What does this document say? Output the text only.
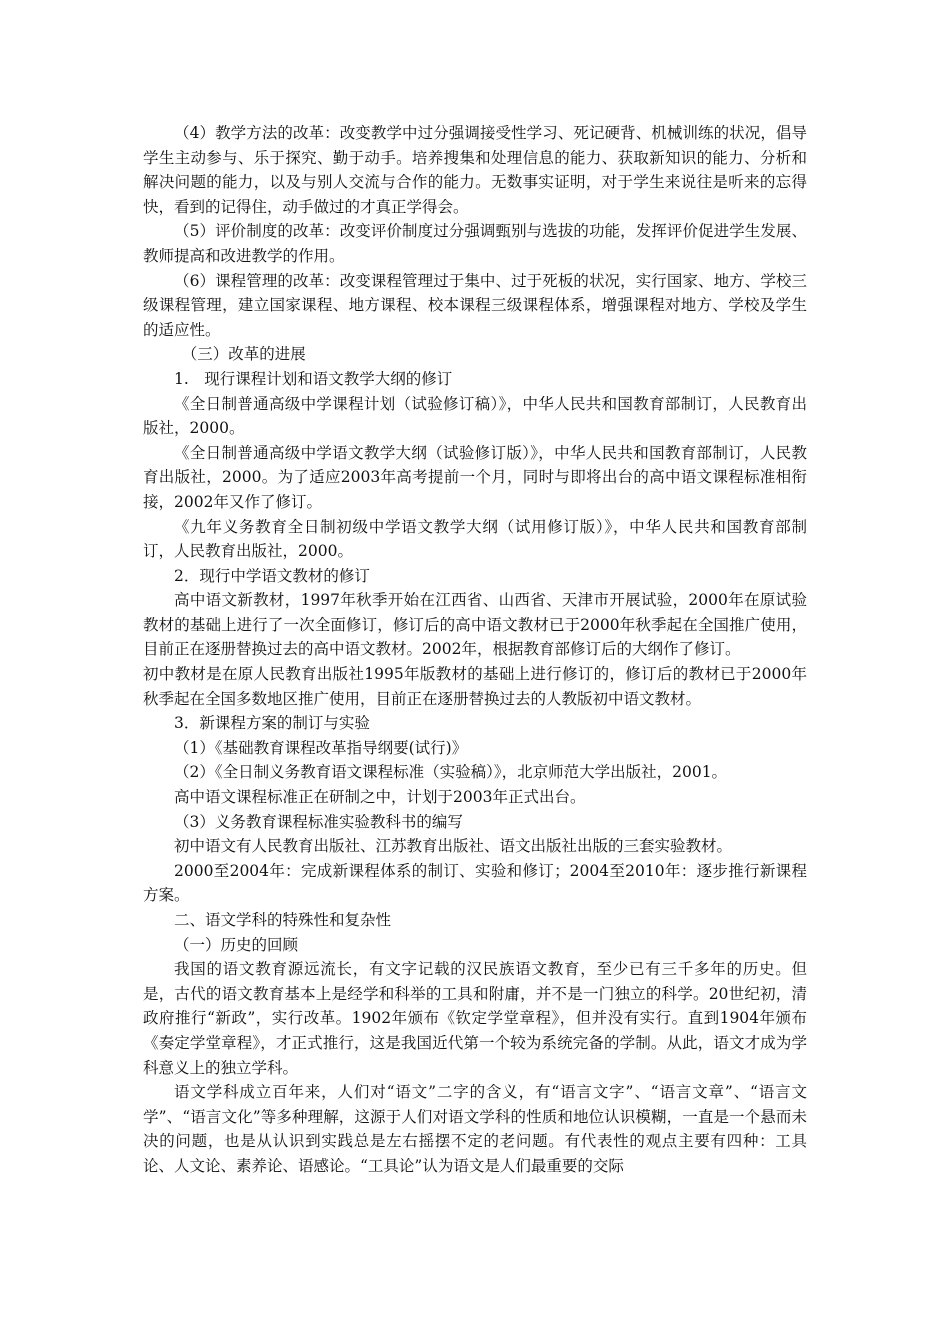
（4）教学方法的改革：改变教学中过分强调接受性学习、死记硬背、机械训练的状况，倡导学生主动参与、乐于探究、勤于动手。培养搜集和处理信息的能力、获取新知识的能力、分析和解决问题的能力，以及与别人交流与合作的能力。无数事实证明，对于学生来说往是听来的忘得快，看到的记得住，动手做过的才真正学得会。

（5）评价制度的改革：改变评价制度过分强调甄别与选拔的功能，发挥评价促进学生发展、教师提高和改进教学的作用。

（6）课程管理的改革：改变课程管理过于集中、过于死板的状况，实行国家、地方、学校三级课程管理，建立国家课程、地方课程、校本课程三级课程体系，增强课程对地方、学校及学生的适应性。

（三）改革的进展

1.　现行课程计划和语文教学大纲的修订

《全日制普通高级中学课程计划（试验修订稿）》，中华人民共和国教育部制订，人民教育出版社，2000。

《全日制普通高级中学语文教学大纲（试验修订版）》，中华人民共和国教育部制订，人民教育出版社，2000。为了适应2003年高考提前一个月，同时与即将出台的高中语文课程标准相衔接，2002年又作了修订。

《九年义务教育全日制初级中学语文教学大纲（试用修订版）》，中华人民共和国教育部制订，人民教育出版社，2000。

2．现行中学语文教材的修订

高中语文新教材，1997年秋季开始在江西省、山西省、天津市开展试验，2000年在原试验教材的基础上进行了一次全面修订，修订后的高中语文教材已于2000年秋季起在全国推广使用，目前正在逐册替换过去的高中语文教材。2002年，根据教育部修订后的大纲作了修订。

初中教材是在原人民教育出版社1995年版教材的基础上进行修订的，修订后的教材已于2000年秋季起在全国多数地区推广使用，目前正在逐册替换过去的人教版初中语文教材。

3．新课程方案的制订与实验

（1）《基础教育课程改革指导纲要(试行)》

（2）《全日制义务教育语文课程标准（实验稿）》，北京师范大学出版社，2001。

高中语文课程标准正在研制之中，计划于2003年正式出台。

（3）义务教育课程标准实验教科书的编写

初中语文有人民教育出版社、江苏教育出版社、语文出版社出版的三套实验教材。

2000至2004年：完成新课程体系的制订、实验和修订；2004至2010年：逐步推行新课程方案。

二、语文学科的特殊性和复杂性

（一）历史的回顾

我国的语文教育源远流长，有文字记载的汉民族语文教育，至少已有三千多年的历史。但是，古代的语文教育基本上是经学和科举的工具和附庸，并不是一门独立的科学。20世纪初，清政府推行“新政”，实行改革。1902年颁布《钦定学堂章程》，但并没有实行。直到1904年颁布《奏定学堂章程》，才正式推行，这是我国近代第一个较为系统完备的学制。从此，语文才成为学科意义上的独立学科。

语文学科成立百年来，人们对“语文”二字的含义，有“语言文字”、“语言文章”、“语言文学”、“语言文化”等多种理解，这源于人们对语文学科的性质和地位认识模糊，一直是一个悬而未决的问题，也是从认识到实践总是左右摇摆不定的老问题。有代表性的观点主要有四种：工具论、人文论、素养论、语感论。“工具论”认为语文是人们最重要的交际
